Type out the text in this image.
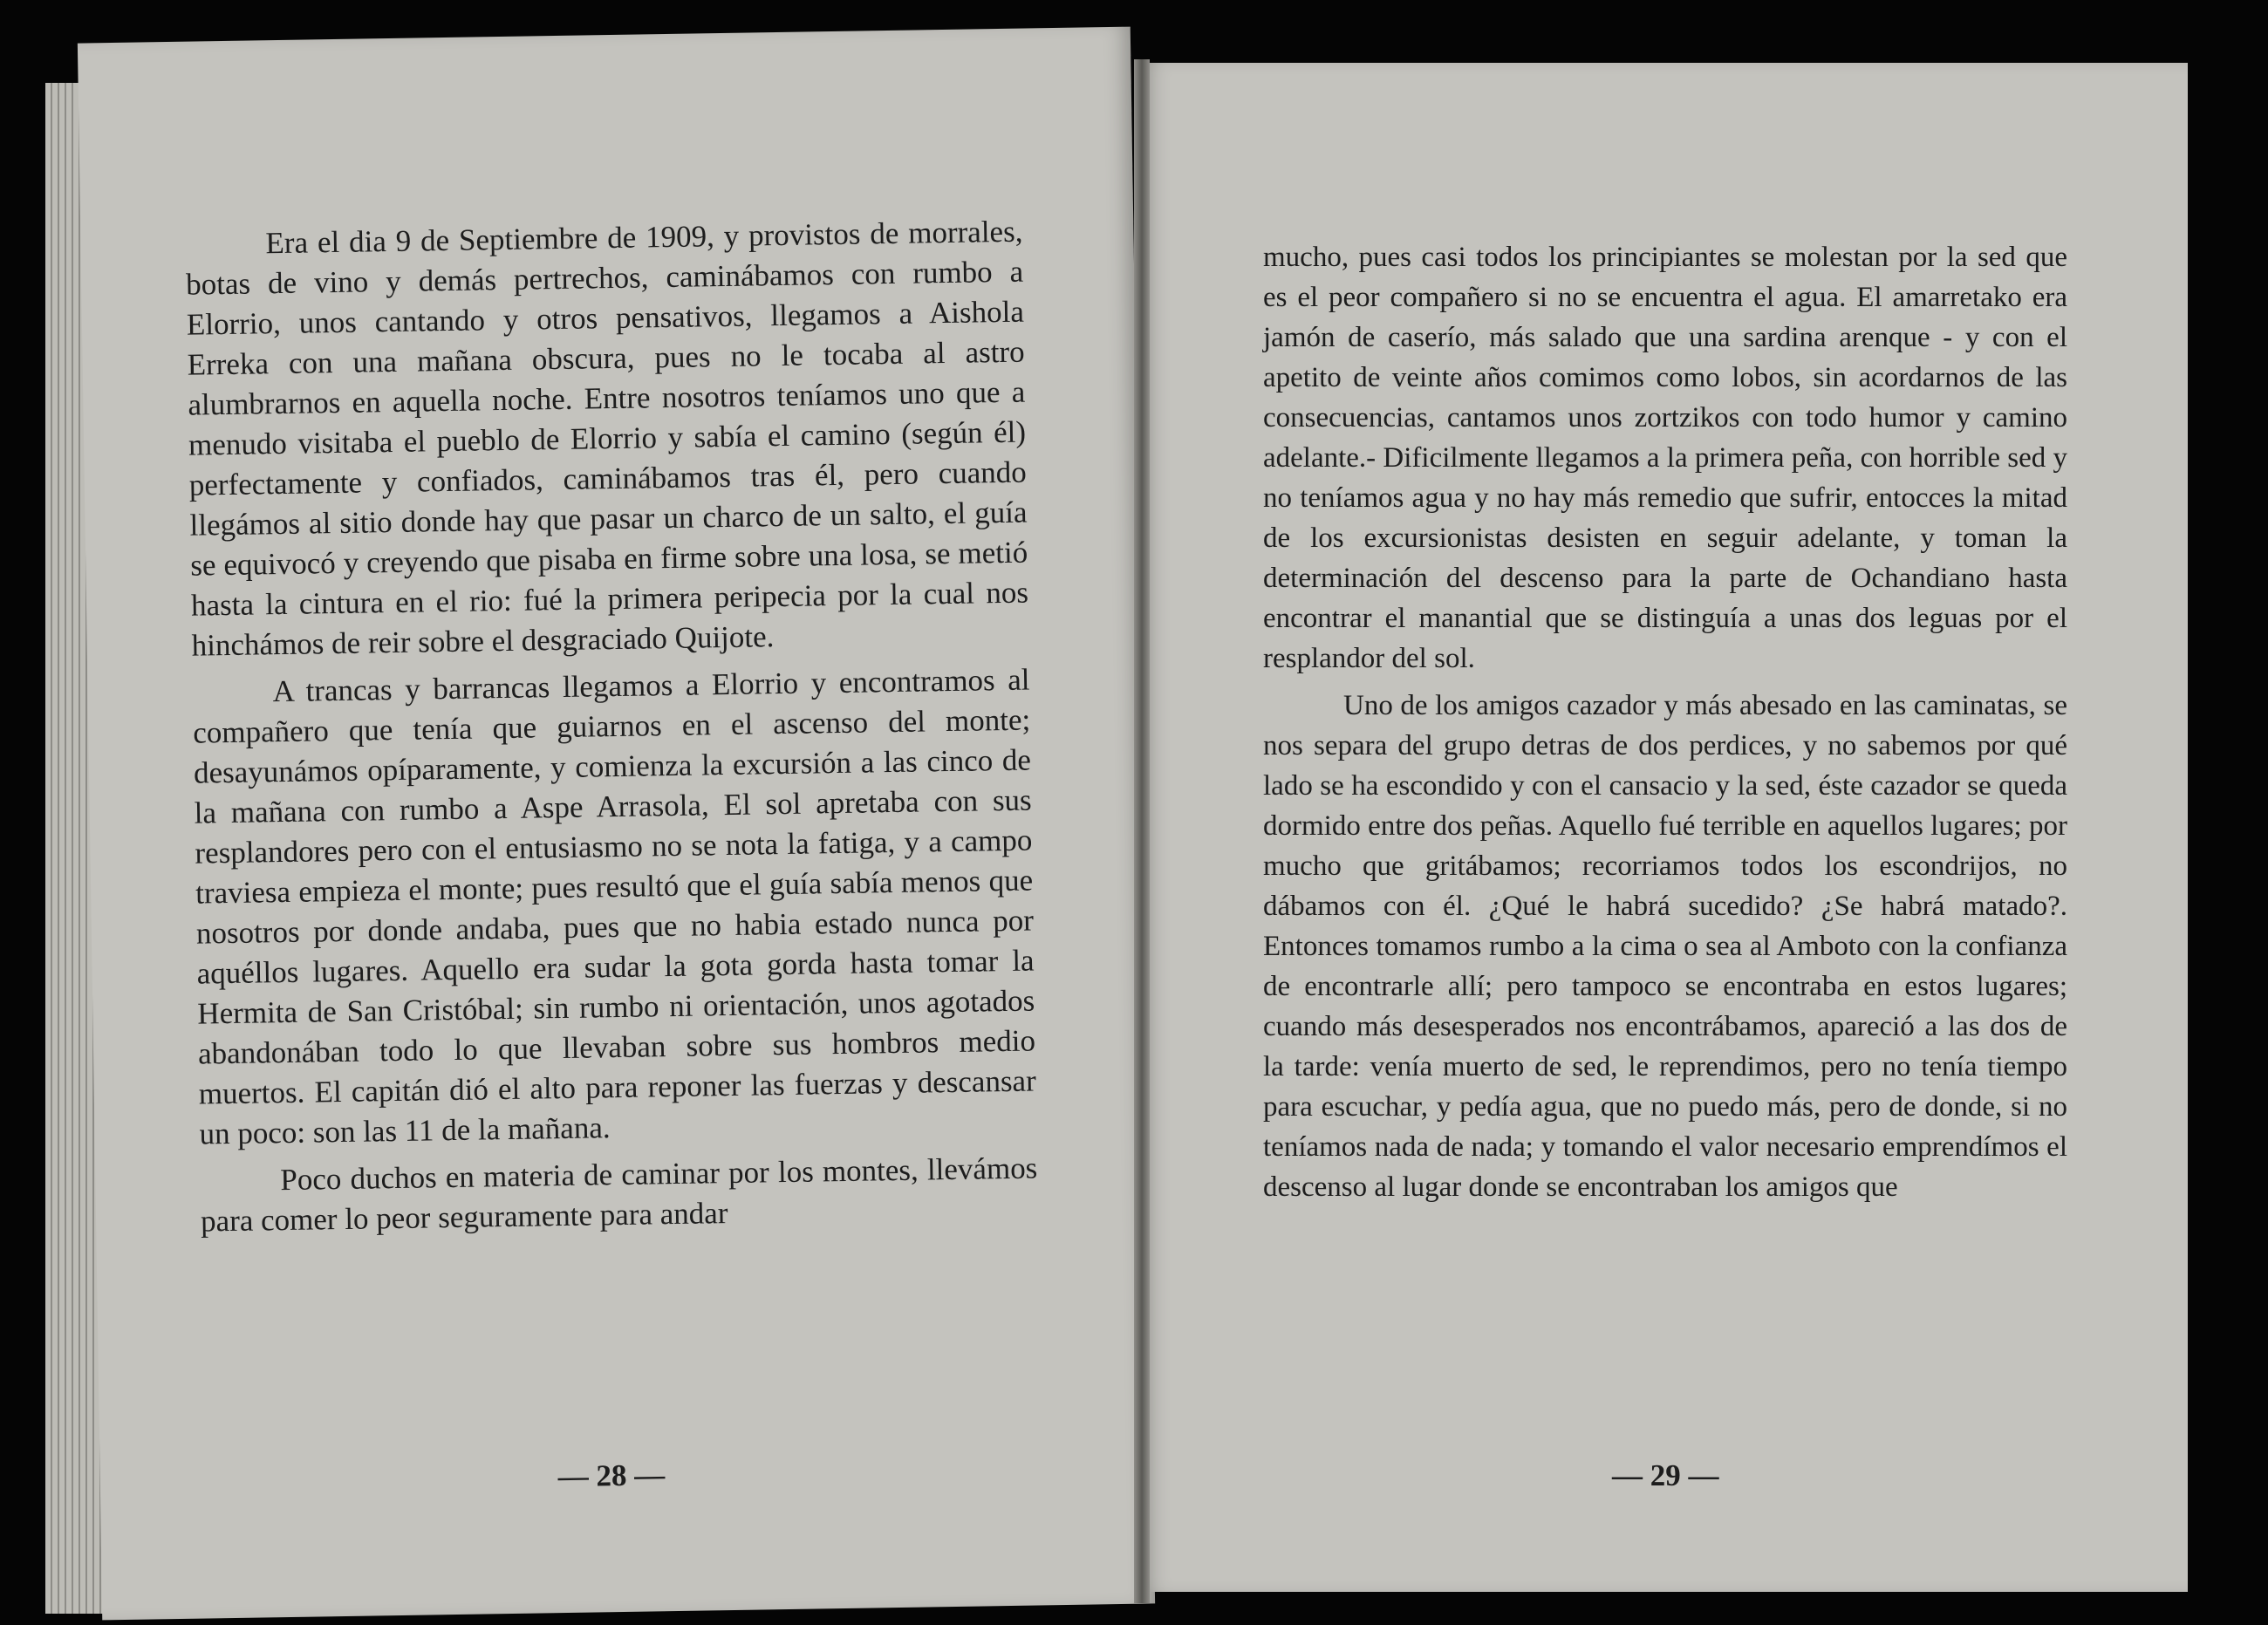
Era el dia 9 de Septiembre de 1909, y provistos de morrales, botas de vino y demás pertrechos, caminábamos con rumbo a Elorrio, unos cantando y otros pensativos, llegamos a Aishola Erreka con una mañana obscura, pues no le tocaba al astro alumbrarnos en aquella noche. Entre nosotros teníamos uno que a menudo visitaba el pueblo de Elorrio y sabía el camino (según él) perfectamente y confiados, caminábamos tras él, pero cuando llegámos al sitio donde hay que pasar un charco de un salto, el guía se equivocó y creyendo que pisaba en firme sobre una losa, se metió hasta la cintura en el rio: fué la primera peripecia por la cual nos hinchámos de reir sobre el desgraciado Quijote.

A trancas y barrancas llegamos a Elorrio y encontramos al compañero que tenía que guiarnos en el ascenso del monte; desayunámos opíparamente, y comienza la excursión a las cinco de la mañana con rumbo a Aspe Arrasola, El sol apretaba con sus resplandores pero con el entusiasmo no se nota la fatiga, y a campo traviesa empieza el monte; pues resultó que el guía sabía menos que nosotros por donde andaba, pues que no habia estado nunca por aquéllos lugares. Aquello era sudar la gota gorda hasta tomar la Hermita de San Cristóbal; sin rumbo ni orientación, unos agotados abandonában todo lo que llevaban sobre sus hombros medio muertos. El capitán dió el alto para reponer las fuerzas y descansar un poco: son las 11 de la mañana.

Poco duchos en materia de caminar por los montes, llevámos para comer lo peor seguramente para andar

— 28 —

mucho, pues casi todos los principiantes se molestan por la sed que es el peor compañero si no se encuentra el agua. El amarretako era jamón de caserío, más salado que una sardina arenque - y con el apetito de veinte años comimos como lobos, sin acordarnos de las consecuencias, cantamos unos zortzikos con todo humor y camino adelante.- Dificilmente llegamos a la primera peña, con horrible sed y no teníamos agua y no hay más remedio que sufrir, entocces la mitad de los excursionistas desisten en seguir adelante, y toman la determinación del descenso para la parte de Ochandiano hasta encontrar el manantial que se distinguía a unas dos leguas por el resplandor del sol.

Uno de los amigos cazador y más abesado en las caminatas, se nos separa del grupo detras de dos perdices, y no sabemos por qué lado se ha escondido y con el cansacio y la sed, éste cazador se queda dormido entre dos peñas. Aquello fué terrible en aquellos lugares; por mucho que gritábamos; recorriamos todos los escondrijos, no dábamos con él. ¿Qué le habrá sucedido? ¿Se habrá matado?. Entonces tomamos rumbo a la cima o sea al Amboto con la confianza de encontrarle allí; pero tampoco se encontraba en estos lugares; cuando más desesperados nos encontrábamos, apareció a las dos de la tarde: venía muerto de sed, le reprendimos, pero no tenía tiempo para escuchar, y pedía agua, que no puedo más, pero de donde, si no teníamos nada de nada; y tomando el valor necesario emprendímos el descenso al lugar donde se encontraban los amigos que

— 29 —
